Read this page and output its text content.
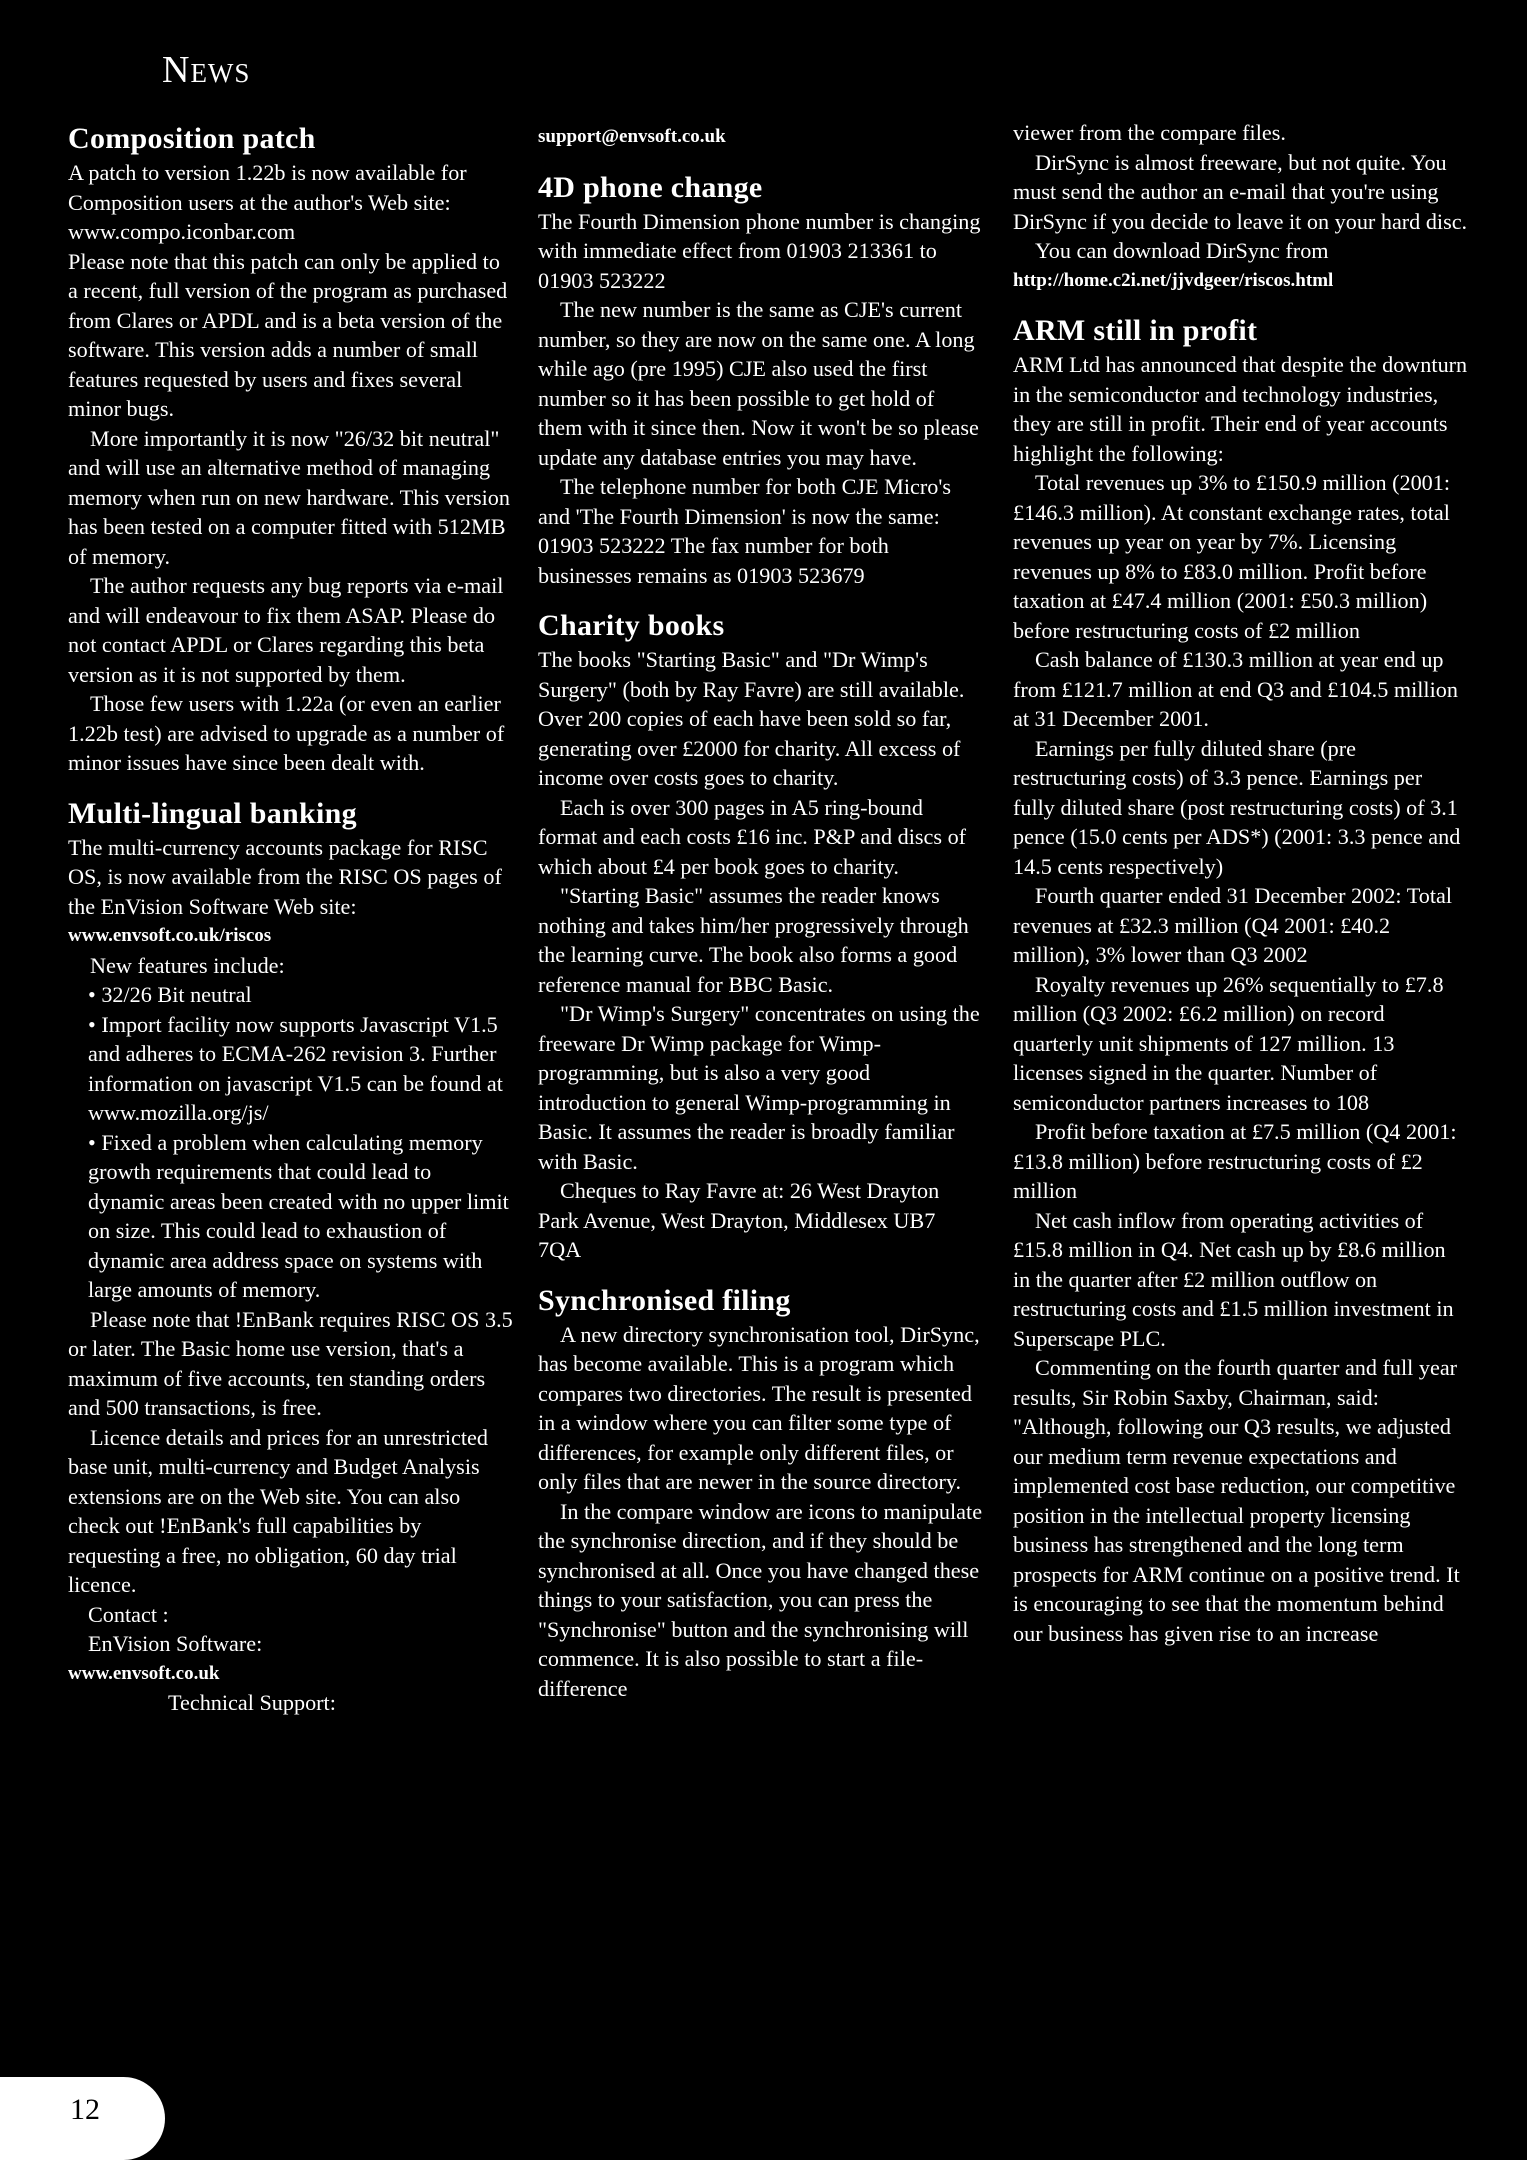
News
Composition patch

A patch to version 1.22b is now available for Composition users at the author's Web site:

www.compo.iconbar.com

Please note that this patch can only be applied to a recent, full version of the program as purchased from Clares or APDL and is a beta version of the software. This version adds a number of small features requested by users and fixes several minor bugs.

More importantly it is now "26/32 bit neutral" and will use an alternative method of managing memory when run on new hardware. This version has been tested on a computer fitted with 512MB of memory.

The author requests any bug reports via e-mail and will endeavour to fix them ASAP. Please do not contact APDL or Clares regarding this beta version as it is not supported by them.

Those few users with 1.22a (or even an earlier 1.22b test) are advised to upgrade as a number of minor issues have since been dealt with.

Multi-lingual banking

The multi-currency accounts package for RISC OS, is now available from the RISC OS pages of the EnVision Software Web site:

www.envsoft.co.uk/riscos

New features include:

• 32/26 Bit neutral

• Import facility now supports Javascript V1.5 and adheres to ECMA-262 revision 3. Further information on javascript V1.5 can be found at www.mozilla.org/js/

• Fixed a problem when calculating memory growth requirements that could lead to dynamic areas been created with no upper limit on size. This could lead to exhaustion of dynamic area address space on systems with large amounts of memory.

Please note that !EnBank requires RISC OS 3.5 or later. The Basic home use version, that's a maximum of five accounts, ten standing orders and 500 transactions, is free.

Licence details and prices for an unrestricted base unit, multi-currency and Budget Analysis extensions are on the Web site. You can also check out !EnBank's full capabilities by requesting a free, no obligation, 60 day trial licence.

Contact :

EnVision Software:

www.envsoft.co.uk

Technical Support:

support@envsoft.co.uk

4D phone change

The Fourth Dimension phone number is changing with immediate effect from 01903 213361 to 01903 523222

The new number is the same as CJE's current number, so they are now on the same one. A long while ago (pre 1995) CJE also used the first number so it has been possible to get hold of them with it since then. Now it won't be so please update any database entries you may have.

The telephone number for both CJE Micro's and 'The Fourth Dimension' is now the same: 01903 523222 The fax number for both businesses remains as 01903 523679

Charity books

The books "Starting Basic" and "Dr Wimp's Surgery" (both by Ray Favre) are still available. Over 200 copies of each have been sold so far, generating over £2000 for charity. All excess of income over costs goes to charity.

Each is over 300 pages in A5 ring-bound format and each costs £16 inc. P&P and discs of which about £4 per book goes to charity.

"Starting Basic" assumes the reader knows nothing and takes him/her progressively through the learning curve. The book also forms a good reference manual for BBC Basic.

"Dr Wimp's Surgery" concentrates on using the freeware Dr Wimp package for Wimp-programming, but is also a very good introduction to general Wimp-programming in Basic. It assumes the reader is broadly familiar with Basic.

Cheques to Ray Favre at: 26 West Drayton Park Avenue, West Drayton, Middlesex UB7 7QA

Synchronised filing

A new directory synchronisation tool, DirSync, has become available. This is a program which compares two directories. The result is presented in a window where you can filter some type of differences, for example only different files, or only files that are newer in the source directory.

In the compare window are icons to manipulate the synchronise direction, and if they should be synchronised at all. Once you have changed these things to your satisfaction, you can press the "Synchronise" button and the synchronising will commence. It is also possible to start a file-difference

viewer from the compare files.

DirSync is almost freeware, but not quite. You must send the author an e-mail that you're using DirSync if you decide to leave it on your hard disc.

You can download DirSync from

http://home.c2i.net/jjvdgeer/riscos.html

ARM still in profit

ARM Ltd has announced that despite the downturn in the semiconductor and technology industries, they are still in profit. Their end of year accounts highlight the following:

Total revenues up 3% to £150.9 million (2001: £146.3 million). At constant exchange rates, total revenues up year on year by 7%. Licensing revenues up 8% to £83.0 million. Profit before taxation at £47.4 million (2001: £50.3 million) before restructuring costs of £2 million

Cash balance of £130.3 million at year end up from £121.7 million at end Q3 and £104.5 million at 31 December 2001.

Earnings per fully diluted share (pre restructuring costs) of 3.3 pence. Earnings per fully diluted share (post restructuring costs) of 3.1 pence (15.0 cents per ADS*) (2001: 3.3 pence and 14.5 cents respectively)

Fourth quarter ended 31 December 2002: Total revenues at £32.3 million (Q4 2001: £40.2 million), 3% lower than Q3 2002

Royalty revenues up 26% sequentially to £7.8 million (Q3 2002: £6.2 million) on record quarterly unit shipments of 127 million. 13 licenses signed in the quarter. Number of semiconductor partners increases to 108

Profit before taxation at £7.5 million (Q4 2001:£13.8 million) before restructuring costs of £2 million

Net cash inflow from operating activities of £15.8 million in Q4. Net cash up by £8.6 million in the quarter after £2 million outflow on restructuring costs and £1.5 million investment in Superscape PLC.

Commenting on the fourth quarter and full year results, Sir Robin Saxby, Chairman, said: "Although, following our Q3 results, we adjusted our medium term revenue expectations and implemented cost base reduction, our competitive position in the intellectual property licensing business has strengthened and the long term prospects for ARM continue on a positive trend. It is encouraging to see that the momentum behind our business has given rise to an increase

12
